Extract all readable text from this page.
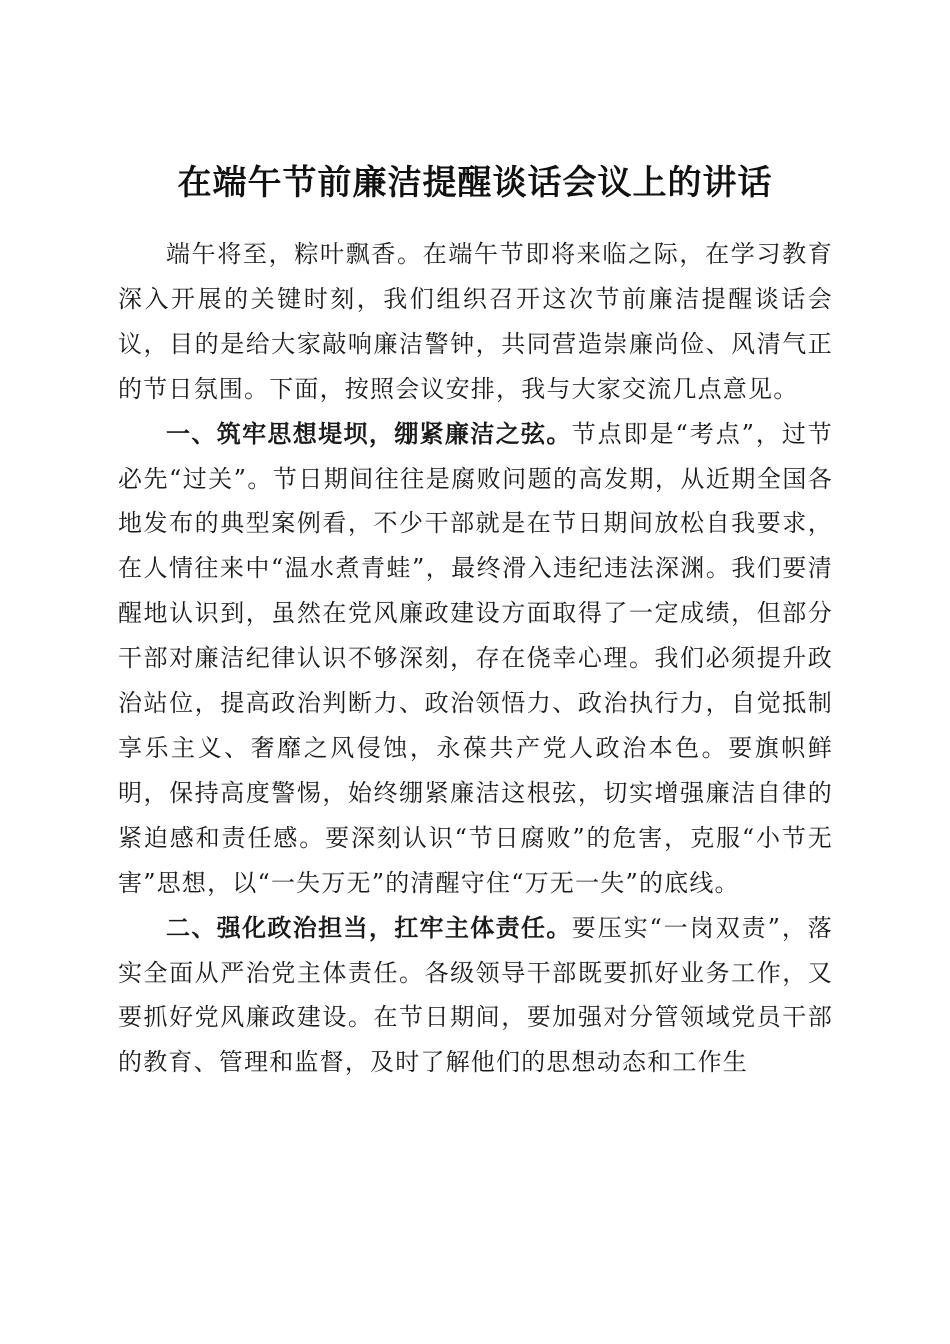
在端午节前廉洁提醒谈话会议上的讲话

端午将至，粽叶飘香。在端午节即将来临之际，在学习教育深入开展的关键时刻，我们组织召开这次节前廉洁提醒谈话会议，目的是给大家敲响廉洁警钟，共同营造崇廉尚俭、风清气正的节日氛围。下面，按照会议安排，我与大家交流几点意见。

一、筑牢思想堤坝，绷紧廉洁之弦。节点即是“考点”，过节必先“过关”。节日期间往往是腐败问题的高发期，从近期全国各地发布的典型案例看，不少干部就是在节日期间放松自我要求，在人情往来中“温水煮青蛙”，最终滑入违纪违法深渊。我们要清醒地认识到，虽然在党风廉政建设方面取得了一定成绩，但部分干部对廉洁纪律认识不够深刻，存在侥幸心理。我们必须提升政治站位，提高政治判断力、政治领悟力、政治执行力，自觉抵制享乐主义、奢靡之风侵蚀，永葆共产党人政治本色。要旗帜鲜明，保持高度警惕，始终绷紧廉洁这根弦，切实增强廉洁自律的紧迫感和责任感。要深刻认识“节日腐败”的危害，克服“小节无害”思想，以“一失万无”的清醒守住“万无一失”的底线。

二、强化政治担当，扛牢主体责任。要压实“一岗双责”，落实全面从严治党主体责任。各级领导干部既要抓好业务工作，又要抓好党风廉政建设。在节日期间，要加强对分管领域党员干部的教育、管理和监督，及时了解他们的思想动态和工作生
